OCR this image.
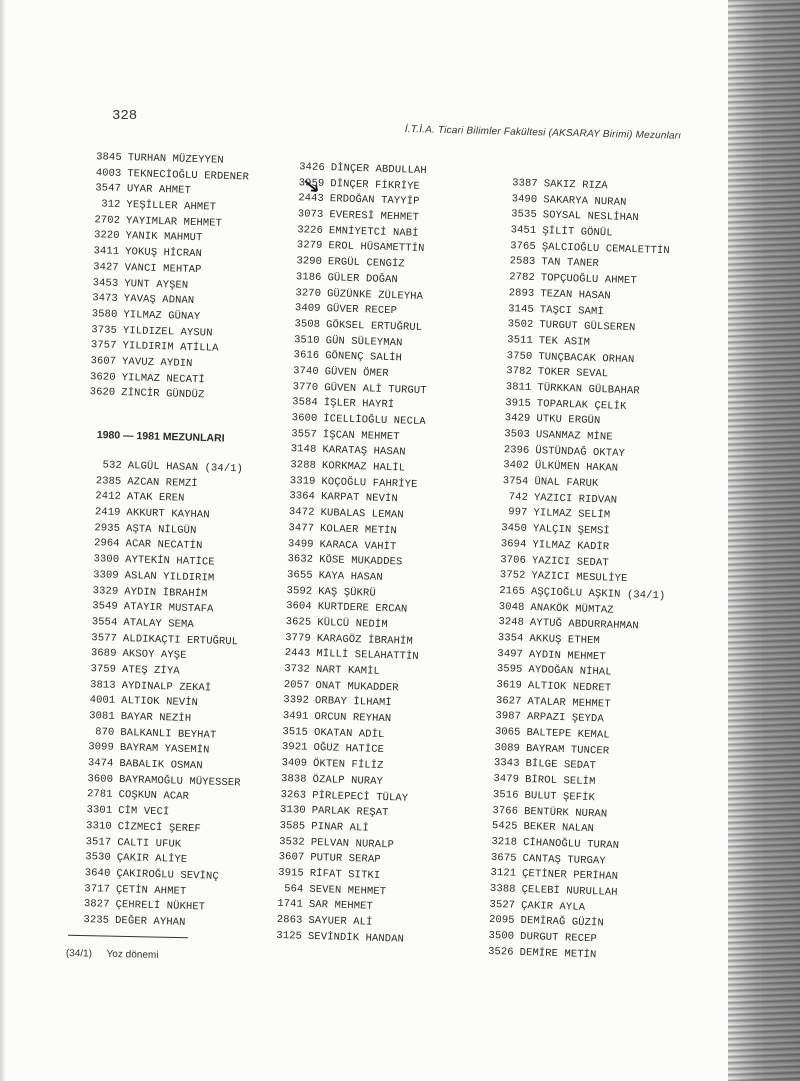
328
İ.T.İ.A. Ticari Bilimler Fakültesi (AKSARAY Birimi) Mezunları
3845 TURHAN MÜZEYYEN
4003 TEKNECİOĞLU ERDENER
3547 UYAR AHMET
312 YEŞİLLER AHMET
2702 YAYIMLAR MEHMET
3220 YANIK MAHMUT
3411 YOKUŞ HİCRAN
3427 VANCI MEHTAP
3453 YUNT AYŞEN
3473 YAVAŞ ADNAN
3580 YILMAZ GÜNAY
3735 YILDIZEL AYSUN
3757 YILDIRIM ATİLLA
3607 YAVUZ AYDIN
3620 YILMAZ NECATİ
3620 ZİNCİR GÜNDÜZ
1980 — 1981 MEZUNLARI
532 ALGÜL HASAN (34/1)
2385 AZCAN REMZİ
2412 ATAK EREN
2419 AKKURT KAYHAN
2935 AŞTA NİLGÜN
2964 ACAR NECATİN
3300 AYTEKİN HATİCE
3309 ASLAN YILDIRIM
3329 AYDIN İBRAHİM
3549 ATAYIR MUSTAFA
3554 ATALAY SEMA
3577 ALDIKAÇTI ERTUĞRUL
3689 AKSOY AYŞE
3759 ATEŞ ZİYA
3813 AYDINALP ZEKAİ
4001 ALTIOK NEVİN
3081 BAYAR NEZİH
870 BALKANLI BEYHAT
3099 BAYRAM YASEMİN
3474 BABALIK OSMAN
3600 BAYRAMOĞLU MÜYESSER
2781 COŞKUN ACAR
3301 CİM VECİ
3310 CİZMECİ ŞEREF
3517 CALTI UFUK
3530 ÇAKIR ALİYE
3640 ÇAKIROĞLU SEVİNÇ
3717 ÇETİN AHMET
3827 ÇEHRELİ NÜKHET
3235 DEĞER AYHAN
3426 DİNÇER ABDULLAH
3959 DİNÇER FİKRİYE
2443 ERDOĞAN TAYYİP
3073 EVERESİ MEHMET
3226 EMNİYETCİ NABİ
3279 EROL HÜSAMETTİN
3290 ERGÜL CENGİZ
3186 GÜLER DOĞAN
3270 GÜZÜNKE ZÜLEYHA
3409 GÜVER RECEP
3508 GÖKSEL ERTUĞRUL
3510 GÜN SÜLEYMAN
3616 GÖNENÇ SALİH
3740 GÜVEN ÖMER
3770 GÜVEN ALİ TURGUT
3584 İŞLER HAYRİ
3600 İCELLİOĞLU NECLA
3557 İŞCAN MEHMET
3148 KARATAŞ HASAN
3288 KORKMAZ HALİL
3319 KOÇOĞLU FAHRİYE
3364 KARPAT NEVİN
3472 KUBALAS LEMAN
3477 KOLAER METİN
3499 KARACA VAHİT
3632 KÖSE MUKADDES
3655 KAYA HASAN
3592 KAŞ ŞÜKRÜ
3604 KURTDERE ERCAN
3625 KÜLCÜ NEDİM
3779 KARAGÖZ İBRAHİM
2443 MİLLİ SELAHATTİN
3732 NART KAMİL
2057 ONAT MUKADDER
3392 ORBAY İLHAMİ
3491 ORCUN REYHAN
3515 OKATAN ADİL
3921 OĞUZ HATİCE
3409 ÖKTEN FİLİZ
3838 ÖZALP NURAY
3263 PİRLEPECİ TÜLAY
3130 PARLAK REŞAT
3585 PINAR ALİ
3532 PELVAN NURALP
3607 PUTUR SERAP
3915 RİFAT SITKI
564 SEVEN MEHMET
1741 SAR MEHMET
2863 SAYUER ALİ
3125 SEVİNDİK HANDAN
3387 SAKIZ RIZA
3490 SAKARYA NURAN
3535 SOYSAL NESLİHAN
3451 ŞİLİT GÖNÜL
3765 ŞALCIOĞLU CEMALETTİN
2583 TAN TANER
2782 TOPÇUOĞLU AHMET
2893 TEZAN HASAN
3145 TAŞCI SAMİ
3502 TURGUT GÜLSEREN
3511 TEK ASIM
3750 TUNÇBACAK ORHAN
3782 TOKER SEVAL
3811 TÜRKKAN GÜLBAHAR
3915 TOPARLAK ÇELİK
3429 UTKU ERGÜN
3503 USANMAZ MİNE
2396 ÜSTÜNDAĞ OKTAY
3402 ÜLKÜMEN HAKAN
3754 ÜNAL FARUK
742 YAZICI RIDVAN
997 YILMAZ SELİM
3450 YALÇIN ŞEMSİ
3694 YILMAZ KADİR
3706 YAZICI SEDAT
3752 YAZICI MESULİYE
2165 AŞÇIOĞLU AŞKIN (34/1)
3048 ANAKÖK MÜMTAZ
3248 AYTUĞ ABDURRAHMAN
3354 AKKUŞ ETHEM
3497 AYDIN MEHMET
3595 AYDOĞAN NİHAL
3619 ALTIOK NEDRET
3627 ATALAR MEHMET
3987 ARPAZI ŞEYDA
3065 BALTEPE KEMAL
3089 BAYRAM TUNCER
3343 BİLGE SEDAT
3479 BİROL SELİM
3516 BULUT ŞEFİK
3766 BENTÜRK NURAN
5425 BEKER NALAN
3218 CİHANOĞLU TURAN
3675 CANTAŞ TURGAY
3121 ÇETİNER PERİHAN
3388 ÇELEBİ NURULLAH
3527 ÇAKIR AYLA
2095 DEMİRAĞ GÜZİN
3500 DURGUT RECEP
3526 DEMİRE METİN
(34/1) Yoz dönemi
